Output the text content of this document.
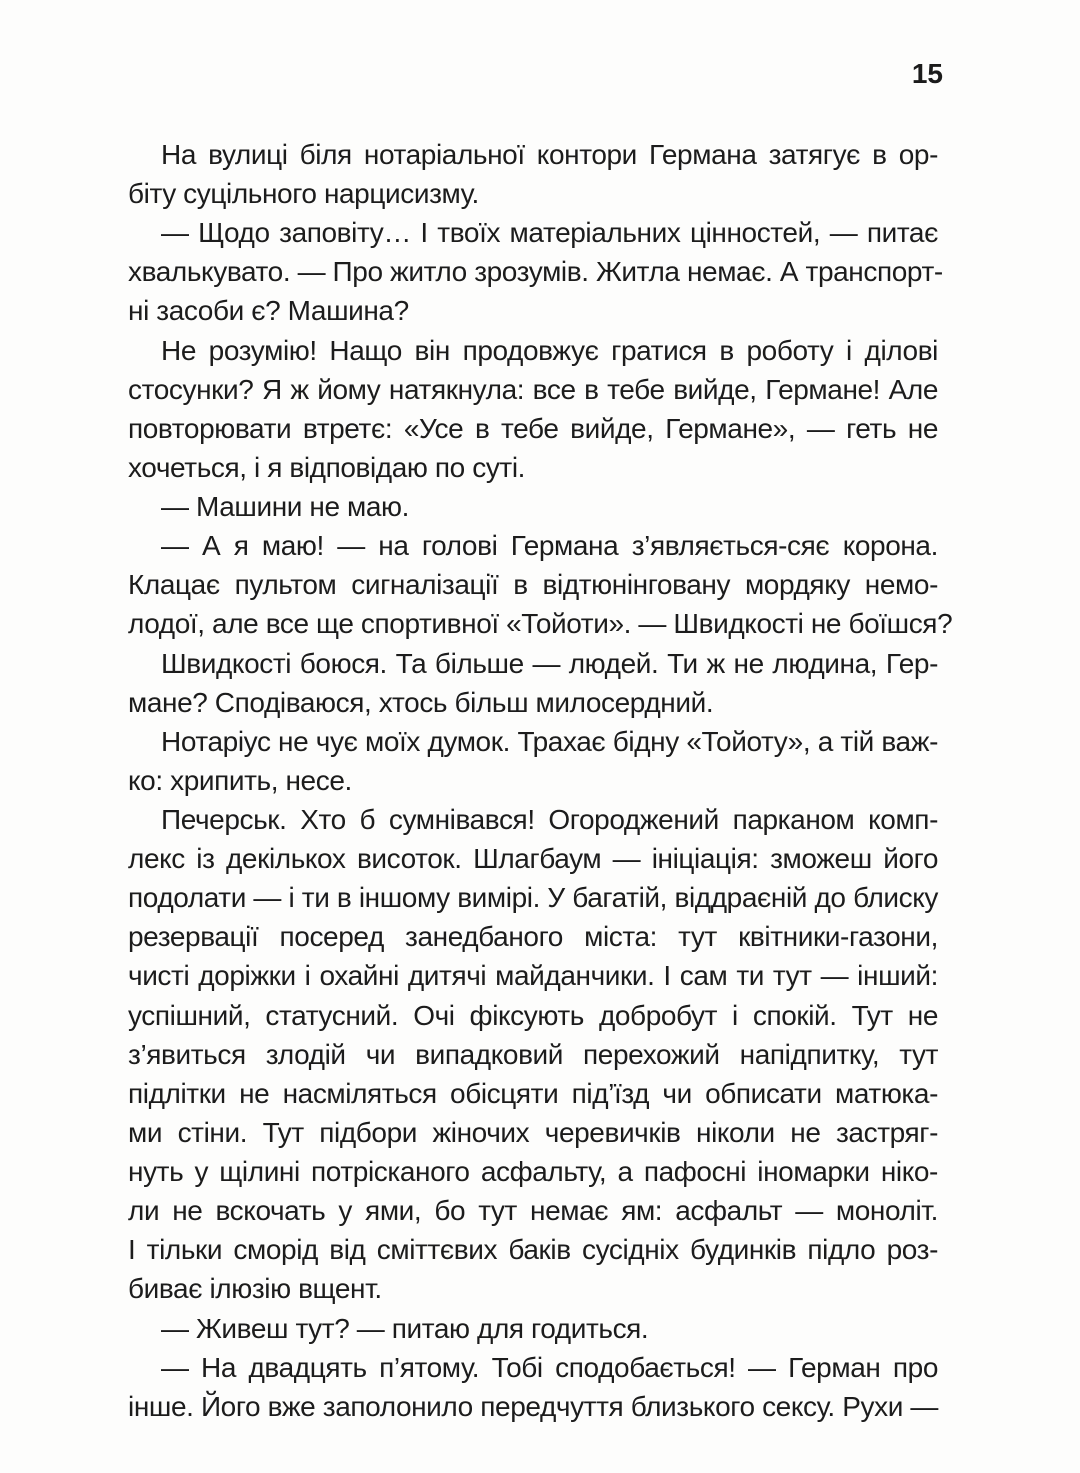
15
На вулиці біля нотаріальної контори Германа затягує в ор-
біту суцільного нарцисизму.
— Щодо заповіту… І твоїх матеріальних цінностей, — питає
хвалькувато. — Про житло зрозумів. Житла немає. А транспорт-
ні засоби є? Машина?
Не розумію! Нащо він продовжує гратися в роботу і ділові
стосунки? Я ж йому натякнула: все в тебе вийде, Германе! Але
повторювати втретє: «Усе в тебе вийде, Германе», — геть не
хочеться, і я відповідаю по суті.
— Машини не маю.
— А я маю! — на голові Германа з’являється-сяє корона.
Клацає пультом сигналізації в відтюнінговану мордяку немо-
лодої, але все ще спортивної «Тойоти». — Швидкості не боїшся?
Швидкості боюся. Та більше — людей. Ти ж не людина, Гер-
мане? Сподіваюся, хтось більш милосердний.
Нотаріус не чує моїх думок. Трахає бідну «Тойоту», а тій важ-
ко: хрипить, несе.
Печерськ. Хто б сумнівався! Огороджений парканом комп-
лекс із декількох висоток. Шлагбаум — ініціація: зможеш його
подолати — і ти в іншому вимірі. У багатій, віддраєній до блиску
резервації посеред занедбаного міста: тут квітники-газони,
чисті доріжки і охайні дитячі майданчики. І сам ти тут — інший:
успішний, статусний. Очі фіксують добробут і спокій. Тут не
з’явиться злодій чи випадковий перехожий напідпитку, тут
підлітки не насміляться обісцяти під’їзд чи обписати матюка-
ми стіни. Тут підбори жіночих черевичків ніколи не застряг-
нуть у щілині потрісканого асфальту, а пафосні іномарки ніко-
ли не вскочать у ями, бо тут немає ям: асфальт — моноліт.
І тільки сморід від сміттєвих баків сусідніх будинків підло роз-
биває ілюзію вщент.
— Живеш тут? — питаю для годиться.
— На двадцять п’ятому. Тобі сподобається! — Герман про
інше. Його вже заполонило передчуття близького сексу. Рухи —
